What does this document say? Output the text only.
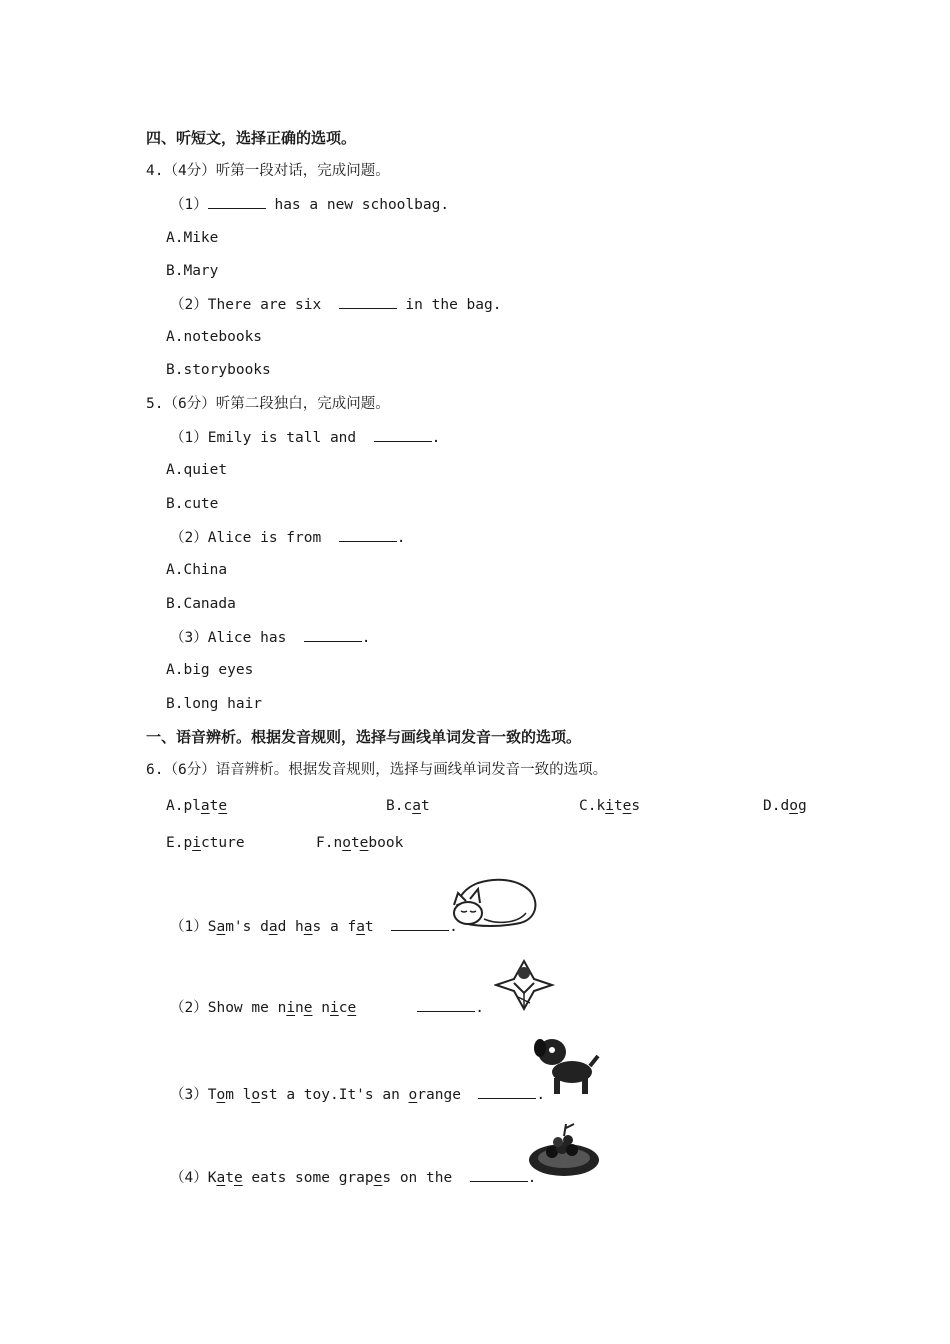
四、听短文，选择正确的选项。
4.（4分）听第一段对话，完成问题。
（1）	has a new schoolbag.
A.Mike
B.Mary
（2）There are six	in the bag.
A.notebooks
B.storybooks
5.（6分）听第二段独白，完成问题。
（1）Emily is tall and	.
A.quiet
B.cute
（2）Alice is from	.
A.China
B.Canada
（3）Alice has	.
A.big eyes
B.long hair
一、语音辨析。根据发音规则，选择与画线单词发音一致的选项。
6.（6分）语音辨析。根据发音规则，选择与画线单词发音一致的选项。
A.plate	B.cat	C.kites	D.dog
E.picture	F.notebook
（1）Sam's dad has a fat	.
（2）Show me nine nice	.
（3）Tom lost a toy.It's an orange	.
（4）Kate eats some grapes on the	.
